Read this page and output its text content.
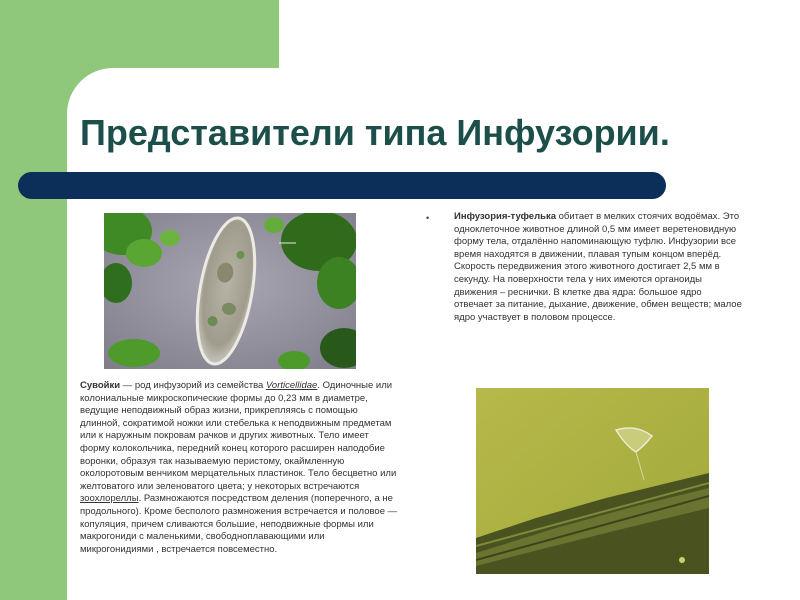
Представители типа Инфузории.
•	Инфузория-туфелька обитает в мелких стоячих водоёмах. Это одноклеточное животное длиной 0,5 мм имеет веретеновидную форму тела, отдалённо напоминающую туфлю. Инфузории все время находятся в движении, плавая тупым концом вперёд. Скорость передвижения этого животного достигает 2,5 мм в секунду. На поверхности тела у них имеются органоиды движения – реснички. В клетке два ядра: большое ядро отвечает за питание, дыхание, движение, обмен веществ; малое ядро участвует в половом процессе.
Сувойки — род инфузорий из семейства Vorticellidae. Одиночные или колониальные микроскопические формы до 0,23 мм в диаметре, ведущие неподвижный образ жизни, прикрепляясь с помощью длинной, сократимой ножки или стебелька к неподвижным предметам или к наружным покровам рачков и других животных. Тело имеет форму колокольчика, передний конец которого расширен наподобие воронки, образуя так называемую перистому, окаймленную околоротовым венчиком мерцательных пластинок. Тело бесцветно или желтоватого или зеленоватого цвета; у некоторых встречаются зоохлореллы. Размножаются посредством деления (поперечного, а не продольного). Кроме бесполого размножения встречается и половое — копуляция, причем сливаются большие, неподвижные формы или макрогониди с маленькими, свободноплавающими или микрогонидиями , встречается повсеместно.
